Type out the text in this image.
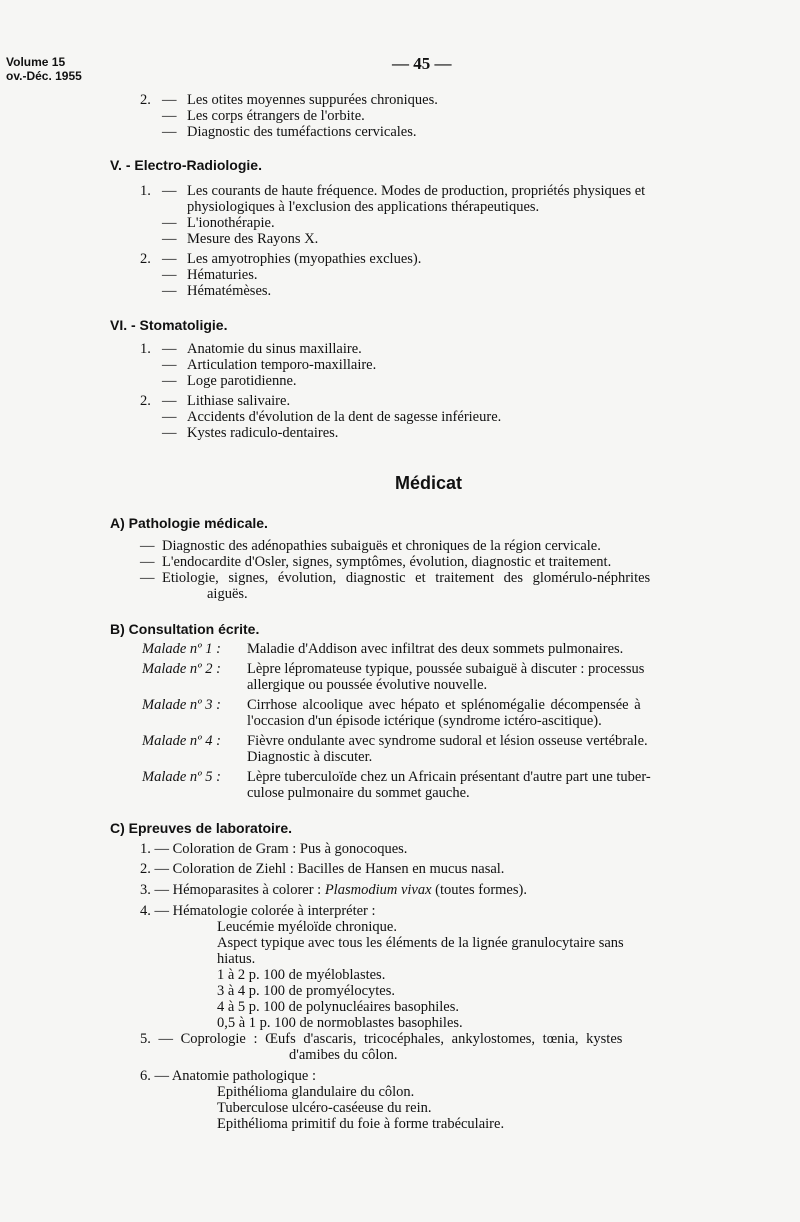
Volume 15
ov.-Déc. 1955
— 45 —
2. — Les otites moyennes suppurées chroniques.
— Les corps étrangers de l'orbite.
— Diagnostic des tuméfactions cervicales.
V. - Electro-Radiologie.
1. — Les courants de haute fréquence. Modes de production, propriétés physiques et
physiologiques à l'exclusion des applications thérapeutiques.
— L'ionothérapie.
— Mesure des Rayons X.
2. — Les amyotrophies (myopathies exclues).
— Hématuries.
— Hématémèses.
VI. - Stomatoligie.
1. — Anatomie du sinus maxillaire.
— Articulation temporo-maxillaire.
— Loge parotidienne.
2. — Lithiase salivaire.
— Accidents d'évolution de la dent de sagesse inférieure.
— Kystes radiculo-dentaires.
Médicat
A) Pathologie médicale.
— Diagnostic des adénopathies subaiguës et chroniques de la région cervicale.
— L'endocardite d'Osler, signes, symptômes, évolution, diagnostic et traitement.
— Etiologie, signes, évolution, diagnostic et traitement des glomérulo-néphrites
aiguës.
B) Consultation écrite.
Malade nº 1 : Maladie d'Addison avec infiltrat des deux sommets pulmonaires.
Malade nº 2 : Lèpre lépromateuse typique, poussée subaiguë à discuter : processus
allergique ou poussée évolutive nouvelle.
Malade nº 3 : Cirrhose alcoolique avec hépato et splénomégalie décompensée à
l'occasion d'un épisode ictérique (syndrome ictéro-ascitique).
Malade nº 4 : Fièvre ondulante avec syndrome sudoral et lésion osseuse vertébrale.
Diagnostic à discuter.
Malade nº 5 : Lèpre tuberculoïde chez un Africain présentant d'autre part une tuber-
culose pulmonaire du sommet gauche.
C) Epreuves de laboratoire.
1. — Coloration de Gram : Pus à gonocoques.
2. — Coloration de Ziehl : Bacilles de Hansen en mucus nasal.
3. — Hémoparasites à colorer : Plasmodium vivax (toutes formes).
4. — Hématologie colorée à interpréter :
Leucémie myéloïde chronique.
Aspect typique avec tous les éléments de la lignée granulocytaire sans
hiatus.
1 à 2 p. 100 de myéloblastes.
3 à 4 p. 100 de promyélocytes.
4 à 5 p. 100 de polynucléaires basophiles.
0,5 à 1 p. 100 de normoblastes basophiles.
5. — Coprologie : Œufs d'ascaris, tricocéphales, ankylostomes, tœnia, kystes
d'amibes du côlon.
6. — Anatomie pathologique :
Epithélioma glandulaire du côlon.
Tuberculose ulcéro-caséeuse du rein.
Epithélioma primitif du foie à forme trabéculaire.
